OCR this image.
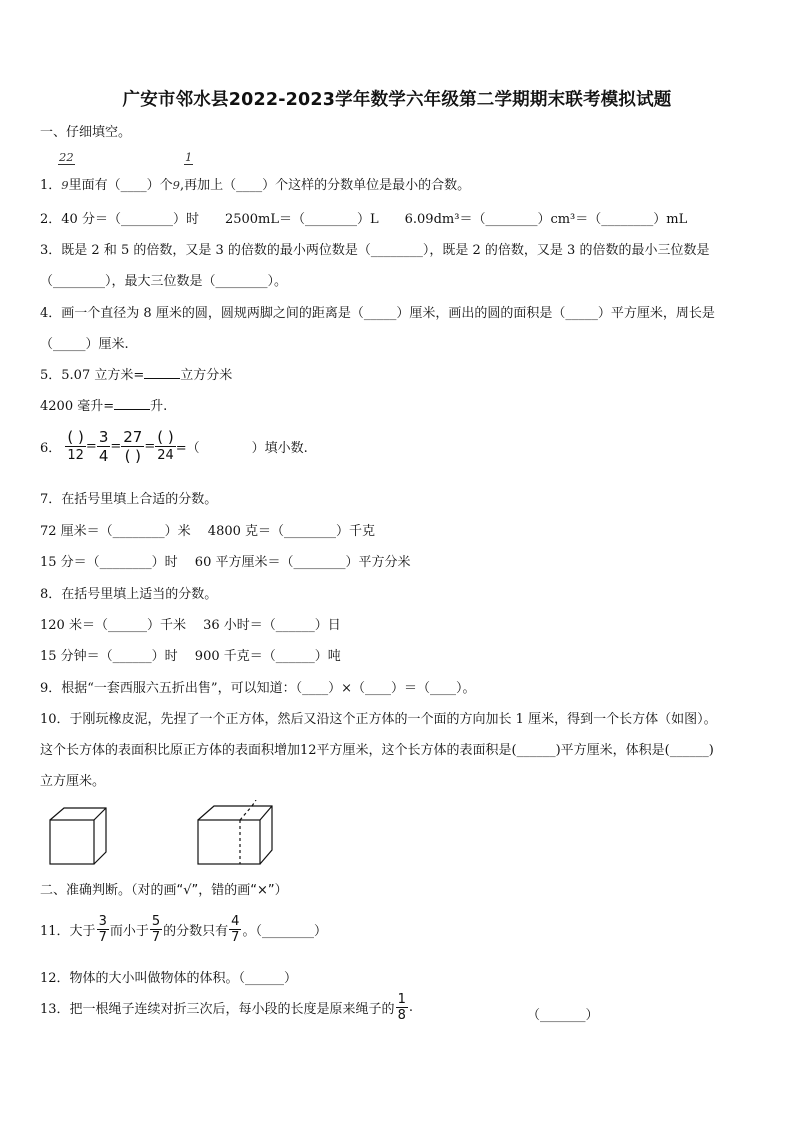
广安市邻水县2022-2023学年数学六年级第二学期期末联考模拟试题
一、仔细填空。
22
1．9里面有（____）个9,再加上（____）个这样的分数单位是最小的合数。
1
2．40 分＝（________）时　　2500mL＝（________）L　　6.09dm³＝（________）cm³＝（________）mL
3．既是 2 和 5 的倍数，又是 3 的倍数的最小两位数是（________），既是 2 的倍数，又是 3 的倍数的最小三位数是
（________），最大三位数是（________）。
4．画一个直径为 8 厘米的圆，圆规两脚之间的距离是（_____）厘米，画出的圆的面积是（_____）平方厘米，周长是
（_____）厘米.
5．5.07 立方米=	立方分米
4200 毫升=	升.
6．
( )
12
= $\frac{3}{4}$ =
27
( )
=
( )
24 =（　　　　）填小数.
7．在括号里填上合适的分数。
72 厘米＝（________）米　 4800 克＝（________）千克
15 分＝（________）时　 60 平方厘米＝（________）平方分米
8．在括号里填上适当的分数。
120 米＝（______）千米　 36 小时＝（______）日
15 分钟＝（______）时　 900 千克＝（______）吨
9．根据“一套西服六五折出售”，可以知道：（____）×（____）＝（____）。
10．于刚玩橡皮泥，先捏了一个正方体，然后又沿这个正方体的一个面的方向加长 1 厘米，得到一个长方体（如图）。
这个长方体的表面积比原正方体的表面积增加12平方厘米，这个长方体的表面积是(______)平方厘米，体积是(______)
立方厘米。
二、准确判断。（对的画“√”，错的画“×”）
11．大于 $\frac{3}{7}$ 而小于 $\frac{5}{7}$ 的分数只有 $\frac{4}{7}$ 。（________）
12．物体的大小叫做物体的体积。（______）
13．把一根绳子连续对折三次后，每小段的长度是原来绳子的 $\frac{1}{8}$ .
（_______）
